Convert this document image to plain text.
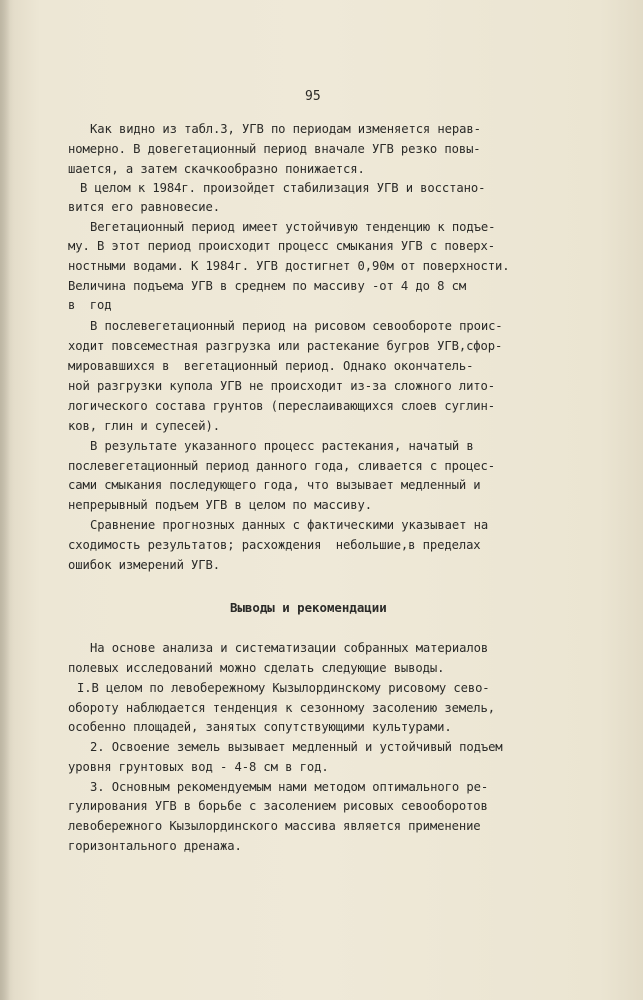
95

Как видно из табл.3, УГВ по периодам изменяется нерав-

номерно. В довегетационный период вначале УГВ резко повы-

шается, а затем скачкообразно понижается.

В целом к 1984г. произойдет стабилизация УГВ и восстано-

вится его равновесие.

Вегетационный период имеет устойчивую тенденцию к подъе-

му. В этот период происходит процесс смыкания УГВ с поверх-

ностными водами. К 1984г. УГВ достигнет 0,90м от поверхности.

Величина подъема УГВ в среднем по массиву -от 4 до 8 см

в  год

В послевегетационный период на рисовом севообороте проис-

ходит повсеместная разгрузка или растекание бугров УГВ,сфор-

мировавшихся в  вегетационный период. Однако окончатель-

ной разгрузки купола УГВ не происходит из-за сложного лито-

логического состава грунтов (переслаивающихся слоев суглин-

ков, глин и супесей).

В результате указанного процесс растекания, начатый в

послевегетационный период данного года, сливается с процес-

сами смыкания последующего года, что вызывает медленный и

непрерывный подъем УГВ в целом по массиву.

Сравнение прогнозных данных с фактическими указывает на

сходимость результатов; расхождения  небольшие,в пределах

ошибок измерений УГВ.

Выводы и рекомендации

На основе анализа и систематизации собранных материалов

полевых исследований можно сделать следующие выводы.

I.В целом по левобережному Кызылординскому рисовому сево-

обороту наблюдается тенденция к сезонному засолению земель,

особенно площадей, занятых сопутствующими культурами.

2. Освоение земель вызывает медленный и устойчивый подъем

уровня грунтовых вод - 4-8 см в год.

3. Основным рекомендуемым нами методом оптимального ре-

гулирования УГВ в борьбе с засолением рисовых севооборотов

левобережного Кызылординского массива является применение

горизонтального дренажа.
